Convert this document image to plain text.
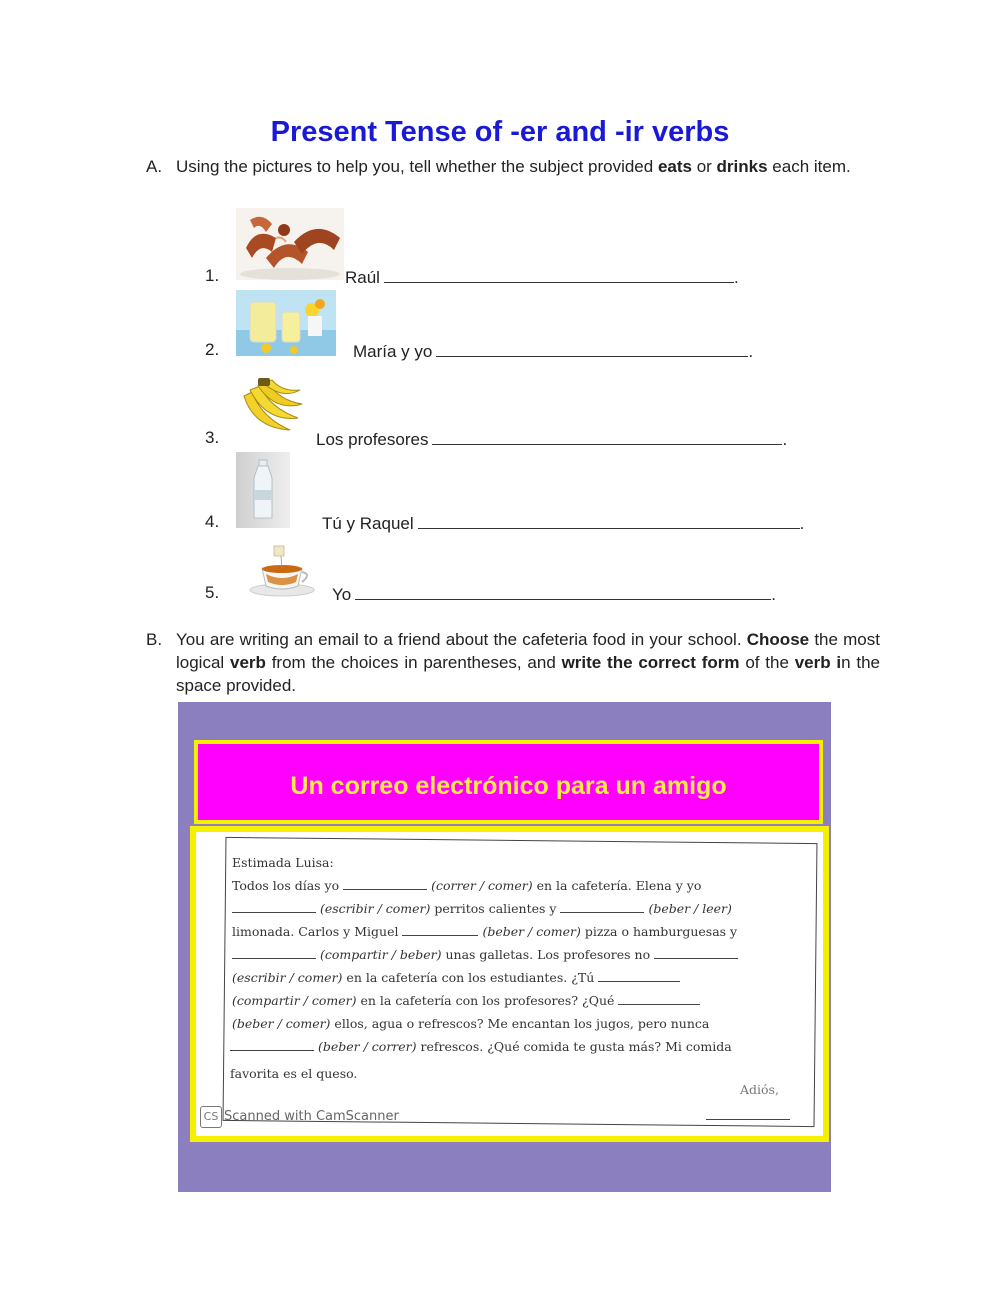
Present Tense of -er and -ir verbs
A. Using the pictures to help you, tell whether the subject provided eats or drinks each item.
1.	Raúl	.
2.	María y yo	.
3.	Los profesores	.
4.	Tú y Raquel	.
5.	Yo	.
B. You are writing an email to a friend about the cafeteria food in your school. Choose the most logical verb from the choices in parentheses, and write the correct form of the verb in the space provided.
Un correo electrónico para un amigo
Estimada Luisa:
Todos los días yo	(correr / comer) en la cafetería. Elena y yo
(escribir / comer) perritos calientes y	(beber / leer)
limonada. Carlos y Miguel	(beber / comer) pizza o hamburguesas y
(compartir / beber) unas galletas. Los profesores no
(escribir / comer) en la cafetería con los estudiantes. ¿Tú
(compartir / comer) en la cafetería con los profesores? ¿Qué
(beber / comer) ellos, agua o refrescos? Me encantan los jugos, pero nunca
(beber / correr) refrescos. ¿Qué comida te gusta más? Mi comida
favorita es el queso.
Adiós,
CS Scanned with CamScanner
